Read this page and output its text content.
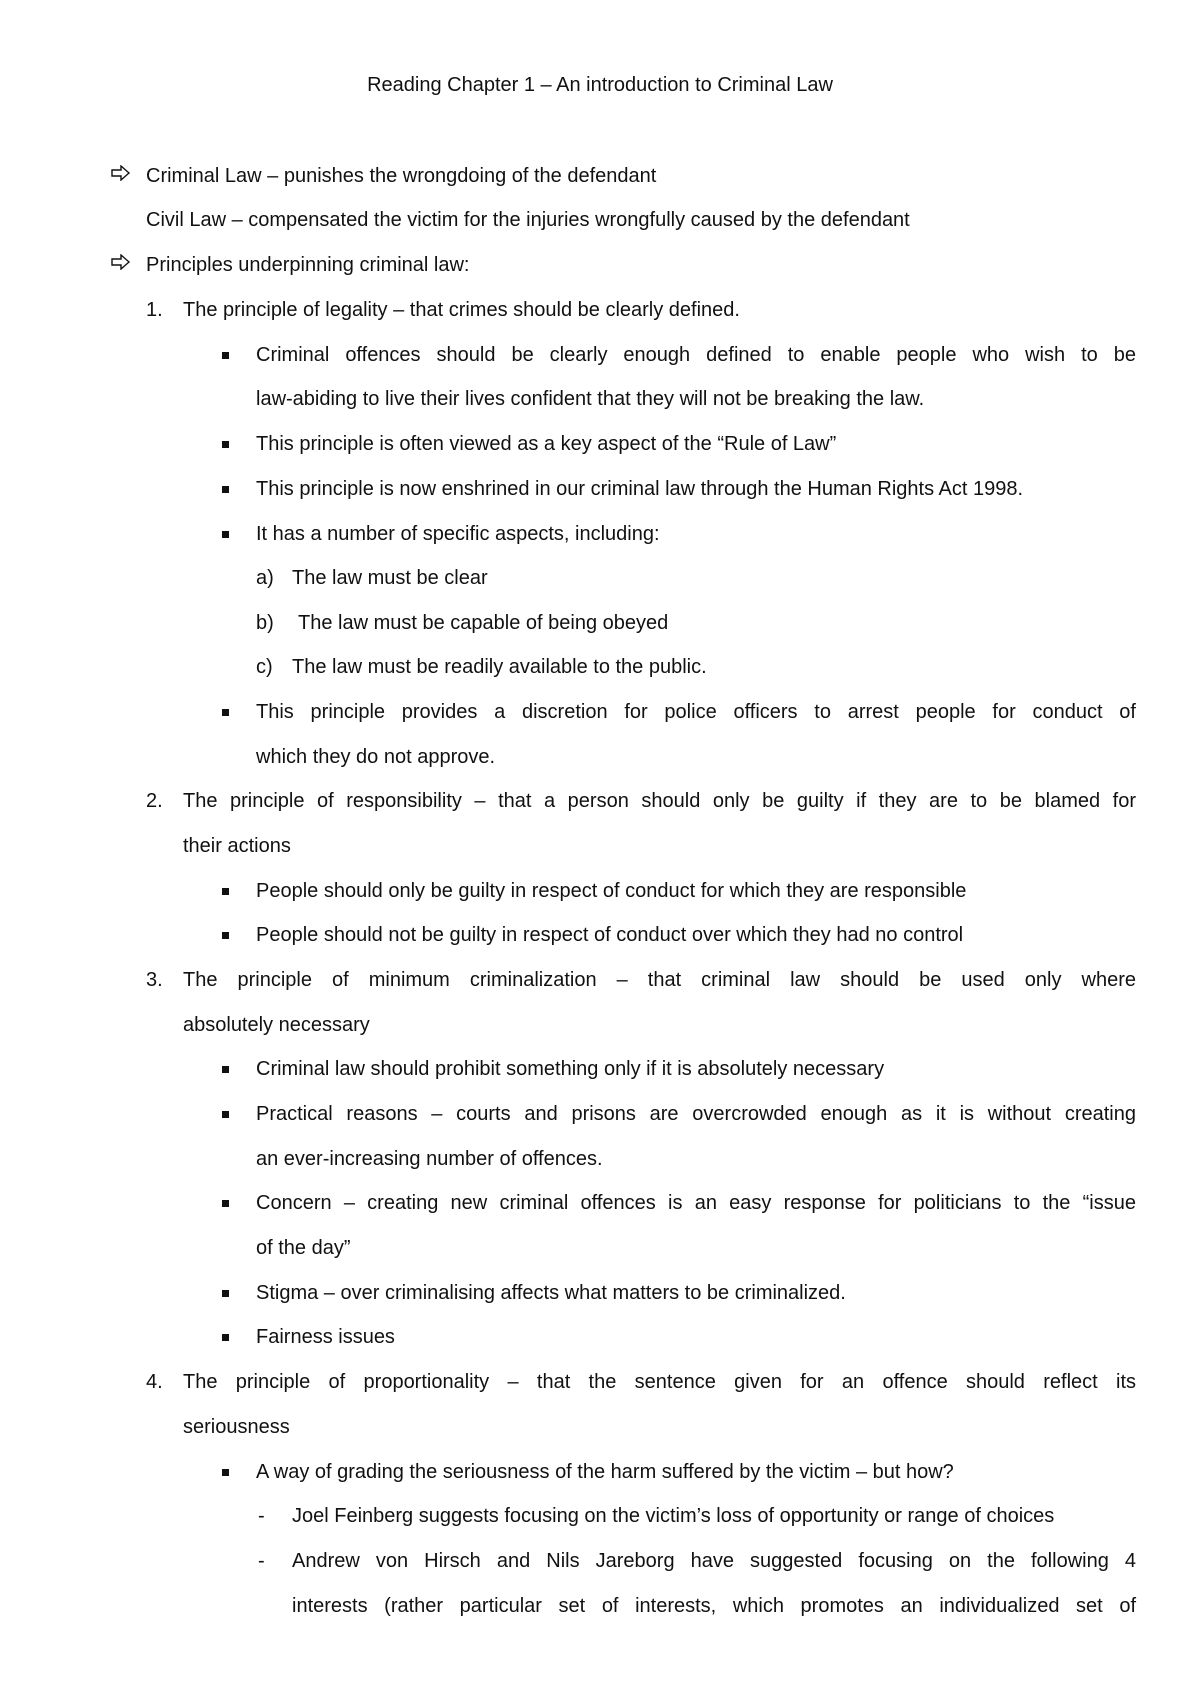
Reading Chapter 1 – An introduction to Criminal Law
Criminal Law – punishes the wrongdoing of the defendant
Civil Law – compensated the victim for the injuries wrongfully caused by the defendant
Principles underpinning criminal law:
1. The principle of legality – that crimes should be clearly defined.
Criminal offences should be clearly enough defined to enable people who wish to be
law-abiding to live their lives confident that they will not be breaking the law.
This principle is often viewed as a key aspect of the “Rule of Law”
This principle is now enshrined in our criminal law through the Human Rights Act 1998.
It has a number of specific aspects, including:
a) The law must be clear
b) The law must be capable of being obeyed
c) The law must be readily available to the public.
This principle provides a discretion for police officers to arrest people for conduct of
which they do not approve.
2. The principle of responsibility – that a person should only be guilty if they are to be blamed for
their actions
People should only be guilty in respect of conduct for which they are responsible
People should not be guilty in respect of conduct over which they had no control
3. The principle of minimum criminalization – that criminal law should be used only where
absolutely necessary
Criminal law should prohibit something only if it is absolutely necessary
Practical reasons – courts and prisons are overcrowded enough as it is without creating
an ever-increasing number of offences.
Concern – creating new criminal offences is an easy response for politicians to the “issue
of the day”
Stigma – over criminalising affects what matters to be criminalized.
Fairness issues
4. The principle of proportionality – that the sentence given for an offence should reflect its
seriousness
A way of grading the seriousness of the harm suffered by the victim – but how?
- Joel Feinberg suggests focusing on the victim’s loss of opportunity or range of choices
- Andrew von Hirsch and Nils Jareborg have suggested focusing on the following 4
interests (rather particular set of interests, which promotes an individualized set of
